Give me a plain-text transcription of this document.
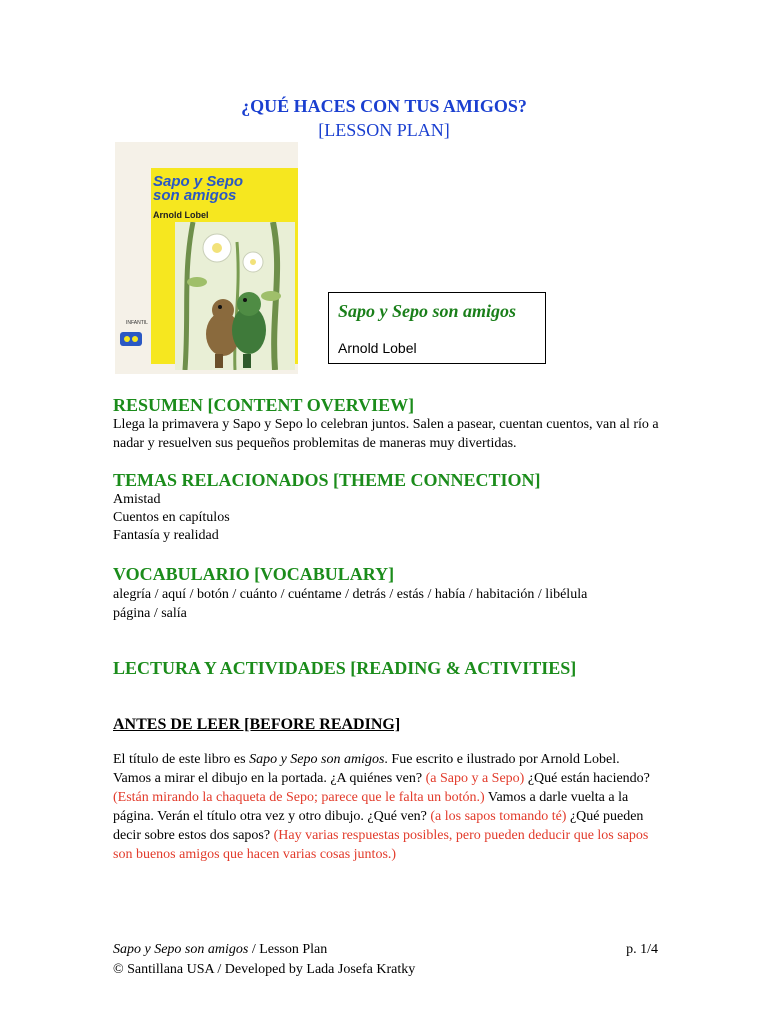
¿QUÉ HACES CON TUS AMIGOS?
[LESSON PLAN]
Sapo y Sepo
son amigos
Arnold Lobel
INFANTIL
Sapo y Sepo son amigos
Arnold Lobel
RESUMEN [CONTENT OVERVIEW]
Llega la primavera y Sapo y Sepo lo celebran juntos. Salen a pasear, cuentan cuentos, van al río a nadar y resuelven sus pequeños problemitas de maneras muy divertidas.
TEMAS RELACIONADOS [THEME CONNECTION]
Amistad
Cuentos en capítulos
Fantasía y realidad
VOCABULARIO [VOCABULARY]
alegría / aquí / botón / cuánto / cuéntame / detrás / estás / había / habitación / libélula
página / salía
LECTURA Y ACTIVIDADES [READING & ACTIVITIES]
ANTES DE LEER [BEFORE READING]
El título de este libro es Sapo y Sepo son amigos. Fue escrito e ilustrado por Arnold Lobel. Vamos a mirar el dibujo en la portada. ¿A quiénes ven? (a Sapo y a Sepo) ¿Qué están haciendo? (Están mirando la chaqueta de Sepo; parece que le falta un botón.) Vamos a darle vuelta a la página. Verán el título otra vez y otro dibujo. ¿Qué ven? (a los sapos tomando té) ¿Qué pueden decir sobre estos dos sapos? (Hay varias respuestas posibles, pero pueden deducir que los sapos son buenos amigos que hacen varias cosas juntos.)
Sapo y Sepo son amigos / Lesson Plan	p. 1/4
© Santillana USA / Developed by Lada Josefa Kratky
